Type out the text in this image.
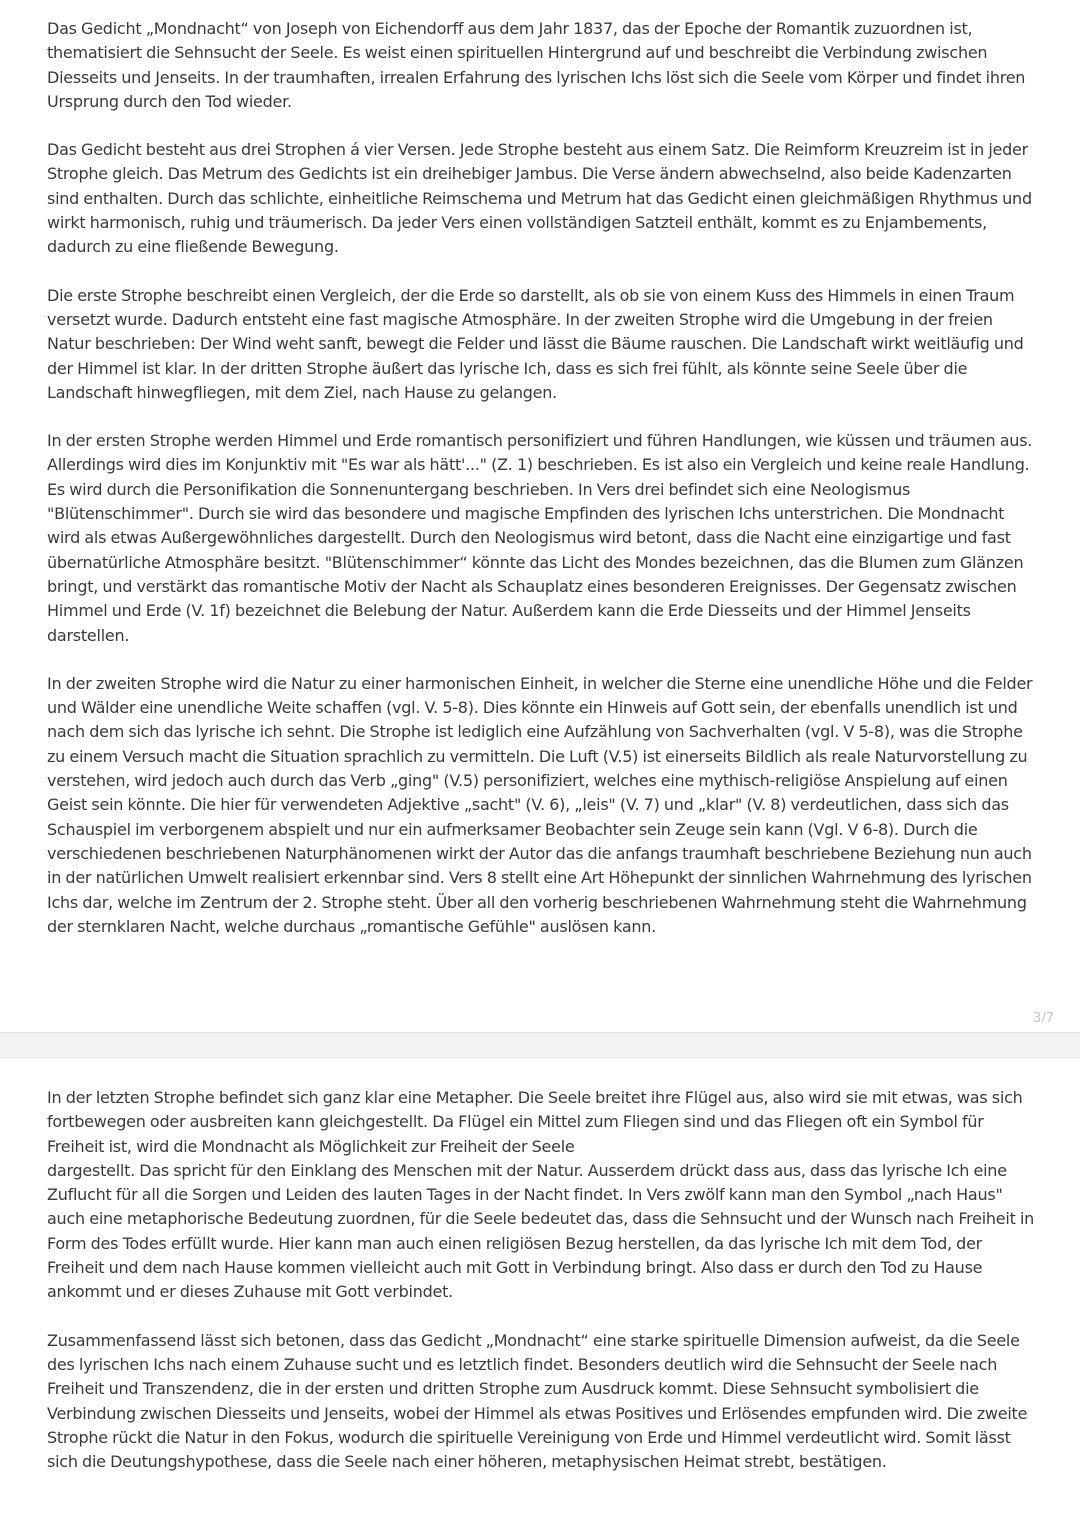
Das Gedicht „Mondnacht“ von Joseph von Eichendorff aus dem Jahr 1837, das der Epoche der Romantik zuzuordnen ist, thematisiert die Sehnsucht der Seele. Es weist einen spirituellen Hintergrund auf und beschreibt die Verbindung zwischen Diesseits und Jenseits. In der traumhaften, irrealen Erfahrung des lyrischen Ichs löst sich die Seele vom Körper und findet ihren Ursprung durch den Tod wieder.

Das Gedicht besteht aus drei Strophen á vier Versen. Jede Strophe besteht aus einem Satz. Die Reimform Kreuzreim ist in jeder Strophe gleich. Das Metrum des Gedichts ist ein dreihebiger Jambus. Die Verse ändern abwechselnd, also beide Kadenzarten sind enthalten. Durch das schlichte, einheitliche Reimschema und Metrum hat das Gedicht einen gleichmäßigen Rhythmus und wirkt harmonisch, ruhig und träumerisch. Da jeder Vers einen vollständigen Satzteil enthält, kommt es zu Enjambements, dadurch zu eine fließende Bewegung.

Die erste Strophe beschreibt einen Vergleich, der die Erde so darstellt, als ob sie von einem Kuss des Himmels in einen Traum versetzt wurde. Dadurch entsteht eine fast magische Atmosphäre. In der zweiten Strophe wird die Umgebung in der freien Natur beschrieben: Der Wind weht sanft, bewegt die Felder und lässt die Bäume rauschen. Die Landschaft wirkt weitläufig und der Himmel ist klar. In der dritten Strophe äußert das lyrische Ich, dass es sich frei fühlt, als könnte seine Seele über die Landschaft hinwegfliegen, mit dem Ziel, nach Hause zu gelangen.

In der ersten Strophe werden Himmel und Erde romantisch personifiziert und führen Handlungen, wie küssen und träumen aus. Allerdings wird dies im Konjunktiv mit "Es war als hätt'..." (Z. 1) beschrieben. Es ist also ein Vergleich und keine reale Handlung. Es wird durch die Personifikation die Sonnenuntergang beschrieben. In Vers drei befindet sich eine Neologismus "Blütenschimmer". Durch sie wird das besondere und magische Empfinden des lyrischen Ichs unterstrichen. Die Mondnacht wird als etwas Außergewöhnliches dargestellt. Durch den Neologismus wird betont, dass die Nacht eine einzigartige und fast übernatürliche Atmosphäre besitzt. "Blütenschimmer“ könnte das Licht des Mondes bezeichnen, das die Blumen zum Glänzen bringt, und verstärkt das romantische Motiv der Nacht als Schauplatz eines besonderen Ereignisses. Der Gegensatz zwischen Himmel und Erde (V. 1f) bezeichnet die Belebung der Natur. Außerdem kann die Erde Diesseits und der Himmel Jenseits darstellen.

In der zweiten Strophe wird die Natur zu einer harmonischen Einheit, in welcher die Sterne eine unendliche Höhe und die Felder und Wälder eine unendliche Weite schaffen (vgl. V. 5-8). Dies könnte ein Hinweis auf Gott sein, der ebenfalls unendlich ist und nach dem sich das lyrische ich sehnt. Die Strophe ist lediglich eine Aufzählung von Sachverhalten (vgl. V 5-8), was die Strophe zu einem Versuch macht die Situation sprachlich zu vermitteln. Die Luft (V.5) ist einerseits Bildlich als reale Naturvorstellung zu verstehen, wird jedoch auch durch das Verb „ging" (V.5) personifiziert, welches eine mythisch-religiöse Anspielung auf einen Geist sein könnte. Die hier für verwendeten Adjektive „sacht" (V. 6), „leis" (V. 7) und „klar" (V. 8) verdeutlichen, dass sich das Schauspiel im verborgenem abspielt und nur ein aufmerksamer Beobachter sein Zeuge sein kann (Vgl. V 6-8). Durch die verschiedenen beschriebenen Naturphänomenen wirkt der Autor das die anfangs traumhaft beschriebene Beziehung nun auch in der natürlichen Umwelt realisiert erkennbar sind. Vers 8 stellt eine Art Höhepunkt der sinnlichen Wahrnehmung des lyrischen Ichs dar, welche im Zentrum der 2. Strophe steht. Über all den vorherig beschriebenen Wahrnehmung steht die Wahrnehmung der sternklaren Nacht, welche durchaus „romantische Gefühle" auslösen kann.

3/7

In der letzten Strophe befindet sich ganz klar eine Metapher. Die Seele breitet ihre Flügel aus, also wird sie mit etwas, was sich fortbewegen oder ausbreiten kann gleichgestellt. Da Flügel ein Mittel zum Fliegen sind und das Fliegen oft ein Symbol für Freiheit ist, wird die Mondnacht als Möglichkeit zur Freiheit der Seele
dargestellt. Das spricht für den Einklang des Menschen mit der Natur. Ausserdem drückt dass aus, dass das lyrische Ich eine Zuflucht für all die Sorgen und Leiden des lauten Tages in der Nacht findet. In Vers zwölf kann man den Symbol „nach Haus" auch eine metaphorische Bedeutung zuordnen, für die Seele bedeutet das, dass die Sehnsucht und der Wunsch nach Freiheit in Form des Todes erfüllt wurde. Hier kann man auch einen religiösen Bezug herstellen, da das lyrische Ich mit dem Tod, der Freiheit und dem nach Hause kommen vielleicht auch mit Gott in Verbindung bringt. Also dass er durch den Tod zu Hause ankommt und er dieses Zuhause mit Gott verbindet.

Zusammenfassend lässt sich betonen, dass das Gedicht „Mondnacht“ eine starke spirituelle Dimension aufweist, da die Seele des lyrischen Ichs nach einem Zuhause sucht und es letztlich findet. Besonders deutlich wird die Sehnsucht der Seele nach Freiheit und Transzendenz, die in der ersten und dritten Strophe zum Ausdruck kommt. Diese Sehnsucht symbolisiert die Verbindung zwischen Diesseits und Jenseits, wobei der Himmel als etwas Positives und Erlösendes empfunden wird. Die zweite Strophe rückt die Natur in den Fokus, wodurch die spirituelle Vereinigung von Erde und Himmel verdeutlicht wird. Somit lässt sich die Deutungshypothese, dass die Seele nach einer höheren, metaphysischen Heimat strebt, bestätigen.
